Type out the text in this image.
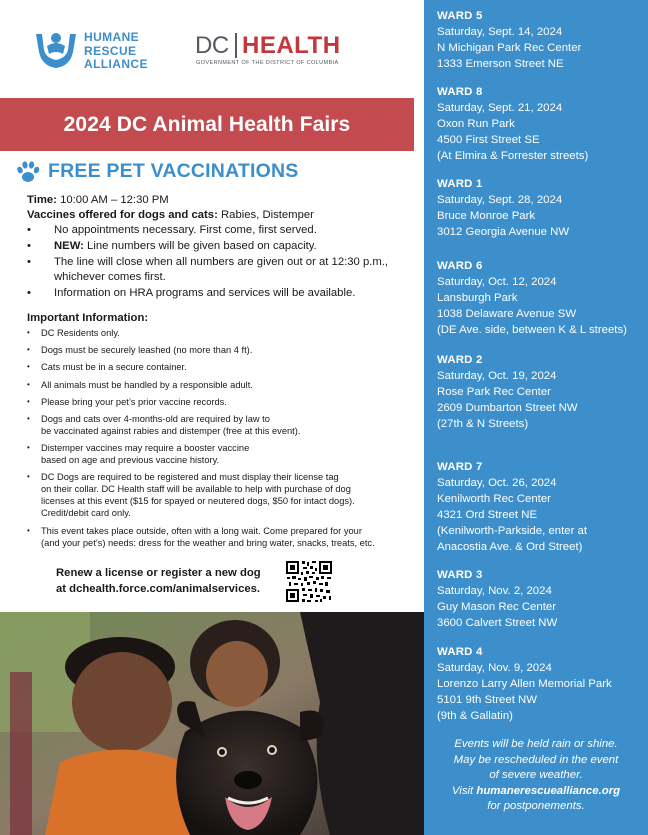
HUMANE
RESCUE
ALLIANCE
DC HEALTH
GOVERNMENT OF THE DISTRICT OF COLUMBIA
2024 DC Animal Health Fairs
FREE PET VACCINATIONS

Time: 10:00 AM – 12:30 PM

Vaccines offered for dogs and cats: Rabies, Distemper

• No appointments necessary. First come, first served.
• NEW: Line numbers will be given based on capacity.
• The line will close when all numbers are given out or at 12:30 p.m.,
whichever comes first.
• Information on HRA programs and services will be available.
Important Information:
• DC Residents only.
• Dogs must be securely leashed (no more than 4 ft).
• Cats must be in a secure container.
• All animals must be handled by a responsible adult.
• Please bring your pet’s prior vaccine records.
• Dogs and cats over 4-months-old are required by law to
be vaccinated against rabies and distemper (free at this event).
• Distemper vaccines may require a booster vaccine
based on age and previous vaccine history.
• DC Dogs are required to be registered and must display their license tag
on their collar. DC Health staff will be available to help with purchase of dog
licenses at this event ($15 for spayed or neutered dogs, $50 for intact dogs).
Credit/debit card only.
• This event takes place outside, often with a long wait. Come prepared for your
(and your pet’s) needs: dress for the weather and bring water, snacks, treats, etc.
Renew a license or register a new dog
at dchealth.force.com/animalservices.
WARD 5
Saturday, Sept. 14, 2024
N Michigan Park Rec Center
1333 Emerson Street NE
WARD 8
Saturday, Sept. 21, 2024
Oxon Run Park
4500 First Street SE
(At Elmira & Forrester streets)
WARD 1
Saturday, Sept. 28, 2024
Bruce Monroe Park
3012 Georgia Avenue NW
WARD 6
Saturday, Oct. 12, 2024
Lansburgh Park
1038 Delaware Avenue SW
(DE Ave. side, between K & L streets)
WARD 2
Saturday, Oct. 19, 2024
Rose Park Rec Center
2609 Dumbarton Street NW
(27th & N Streets)
WARD 7
Saturday, Oct. 26, 2024
Kenilworth Rec Center
4321 Ord Street NE
(Kenilworth-Parkside, enter at
Anacostia Ave. & Ord Street)
WARD 3
Saturday, Nov. 2, 2024
Guy Mason Rec Center
3600 Calvert Street NW
WARD 4
Saturday, Nov. 9, 2024
Lorenzo Larry Allen Memorial Park
5101 9th Street NW
(9th & Gallatin)
Events will be held rain or shine.
May be rescheduled in the event
of severe weather.
Visit humanerescuealliance.org
for postponements.
